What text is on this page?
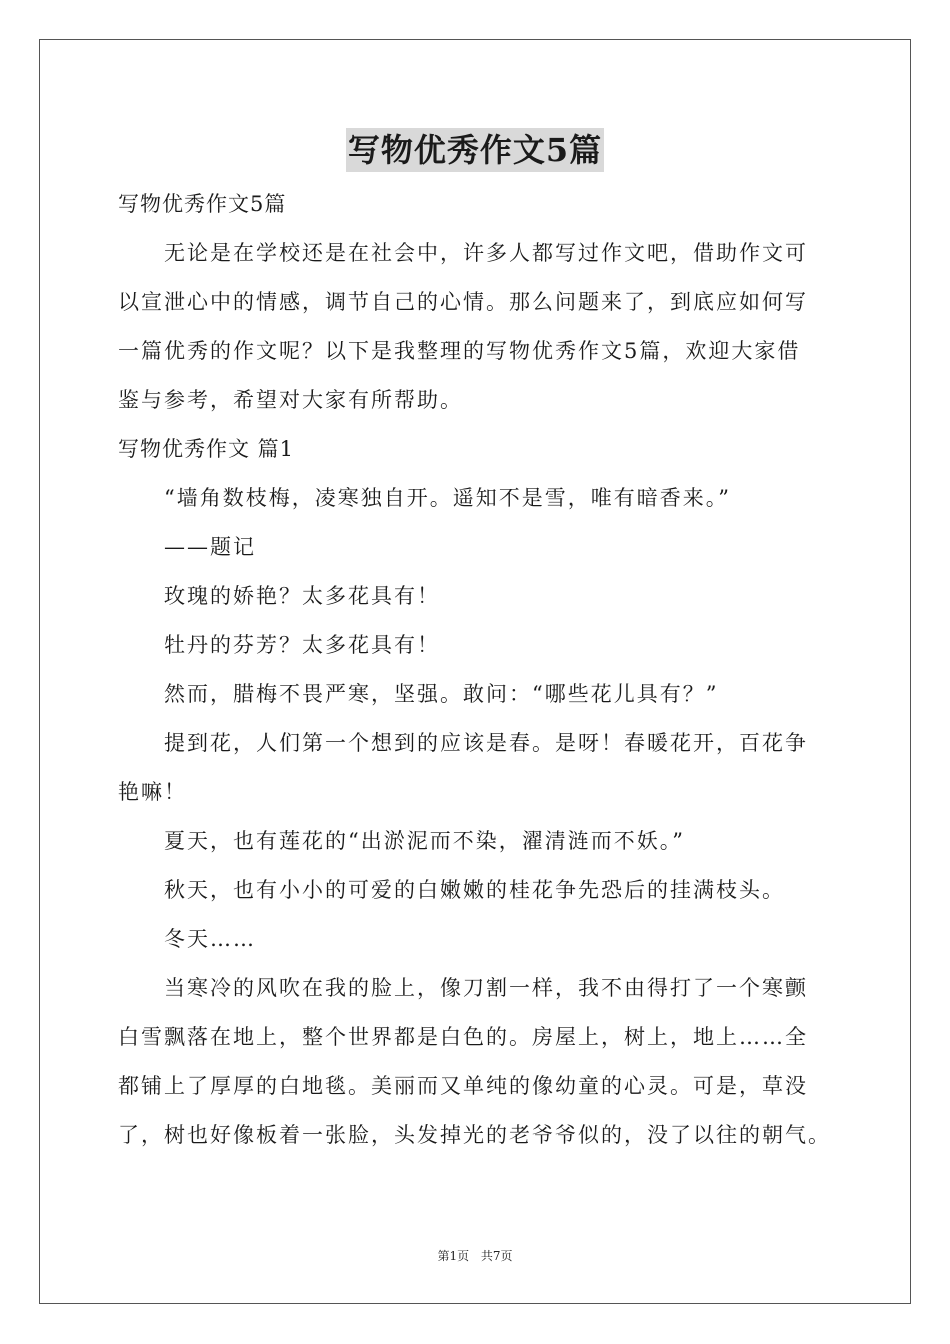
写物优秀作文5篇
写物优秀作文5篇
无论是在学校还是在社会中，许多人都写过作文吧，借助作文可
以宣泄心中的情感，调节自己的心情。那么问题来了，到底应如何写
一篇优秀的作文呢？以下是我整理的写物优秀作文5篇，欢迎大家借
鉴与参考，希望对大家有所帮助。
写物优秀作文 篇1
“墙角数枝梅，凌寒独自开。遥知不是雪，唯有暗香来。”
——题记
玫瑰的娇艳？太多花具有！
牡丹的芬芳？太多花具有！
然而，腊梅不畏严寒，坚强。敢问：“哪些花儿具有？”
提到花，人们第一个想到的应该是春。是呀！春暖花开，百花争
艳嘛！
夏天，也有莲花的“出淤泥而不染，濯清涟而不妖。”
秋天，也有小小的可爱的白嫩嫩的桂花争先恐后的挂满枝头。
冬天……
当寒冷的风吹在我的脸上，像刀割一样，我不由得打了一个寒颤
白雪飘落在地上，整个世界都是白色的。房屋上，树上，地上……全
都铺上了厚厚的白地毯。美丽而又单纯的像幼童的心灵。可是，草没
了，树也好像板着一张脸，头发掉光的老爷爷似的，没了以往的朝气。
第1页 共7页
